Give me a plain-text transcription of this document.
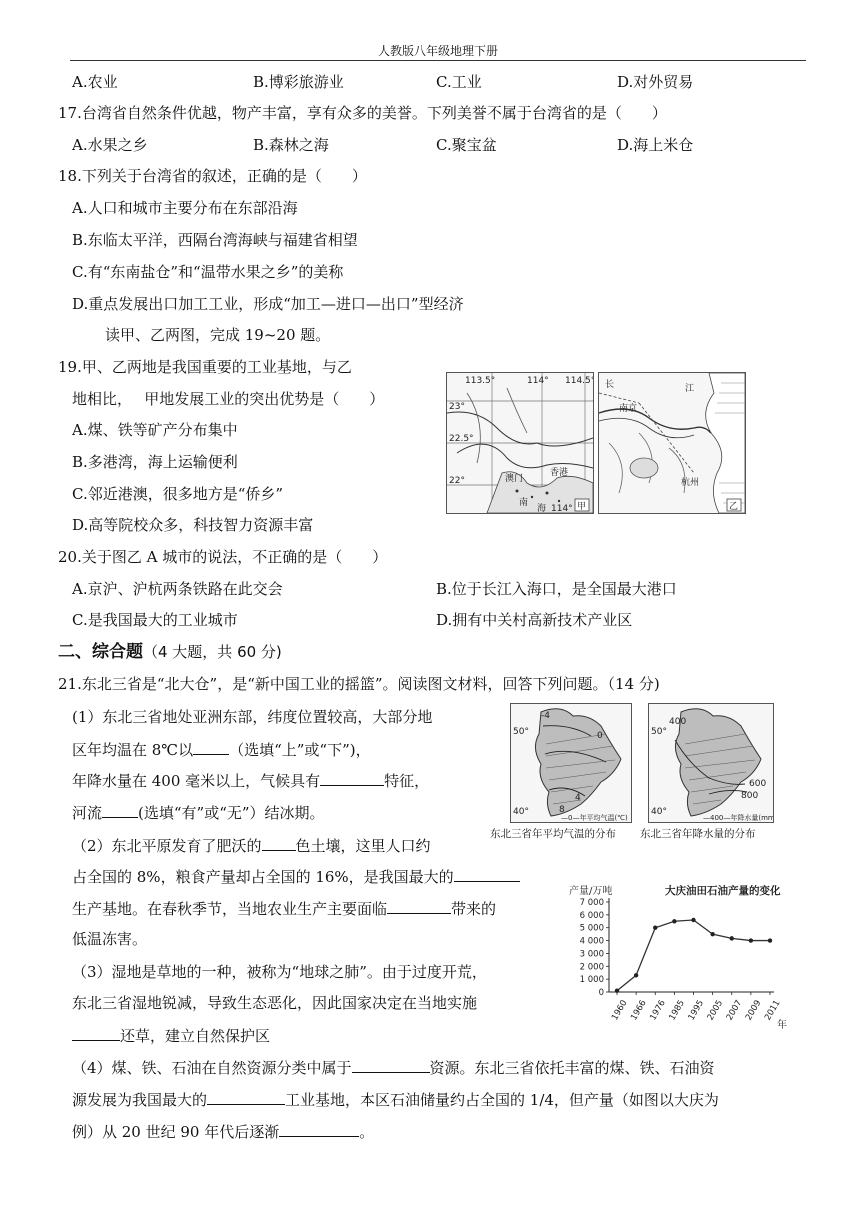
人教版八年级地理下册
A.农业	B.博彩旅游业	C.工业	D.对外贸易
17.台湾省自然条件优越，物产丰富，享有众多的美誉。下列美誉不属于台湾省的是（　　）
A.水果之乡	B.森林之海	C.聚宝盆	D.海上米仓
18.下列关于台湾省的叙述，正确的是（　　）
A.人口和城市主要分布在东部沿海
B.东临太平洋，西隔台湾海峡与福建省相望
C.有“东南盐仓”和“温带水果之乡”的美称
D.重点发展出口加工工业，形成“加工—进口—出口”型经济
读甲、乙两图，完成 19~20 题。
19.甲、乙两地是我国重要的工业基地，与乙
地相比，　 甲地发展工业的突出优势是（　　）
A.煤、铁等矿产分布集中
B.多港湾，海上运输便利
C.邻近港澳，很多地方是“侨乡”
D.高等院校众多，科技智力资源丰富
113.5°	114° 114.5°
23°
22.5°
22°	澳门
香港
南
海 114° 甲
长	江
南京
杭州
乙
20.关于图乙 A 城市的说法，不正确的是（　　）
A.京沪、沪杭两条铁路在此交会	B.位于长江入海口，是全国最大港口
C.是我国最大的工业城市	D.拥有中关村高新技术产业区
二、综合题（4 大题，共 60 分)
21.东北三省是“北大仓”，是“新中国工业的摇篮”。阅读图文材料，回答下列问题。（14 分)
(1）东北三省地处亚洲东部，纬度位置较高，大部分地
区年均温在 8℃以 （选填“上”或“下”)，
年降水量在 400 毫米以上，气候具有	特征，
河流 (选填“有”或“无”）结冰期。
（2）东北平原发育了肥沃的 色土壤，这里人口约
占全国的 8%，粮食产量却占全国的 16%，是我国最大的
生产基地。在春秋季节，当地农业生产主要面临	带来的
低温冻害。
（3）湿地是草地的一种，被称为“地球之肺”。由于过度开荒，
东北三省湿地锐减，导致生态恶化，因此国家决定在当地实施
还草，建立自然保护区
（4）煤、铁、石油在自然资源分类中属于	资源。东北三省依托丰富的煤、铁、石油资
源发展为我国最大的	工业基地，本区石油储量约占全国的 1/4，但产量（如图以大庆为
例）从 20 世纪 90 年代后逐渐	。
50°
40°
-4
0
4
8
—0—年平均气温(℃)
东北三省年平均气温的分布
50°
40°
400
600
800
—400—年降水量(mm)
东北三省年降水量的分布
产量/万吨	大庆油田石油产量的变化
年
0
1 000
2 000
3 000
4 000
5 000
6 000
7 000
1960 1966 1976 1985 1995 2005 2007 2009 2011
